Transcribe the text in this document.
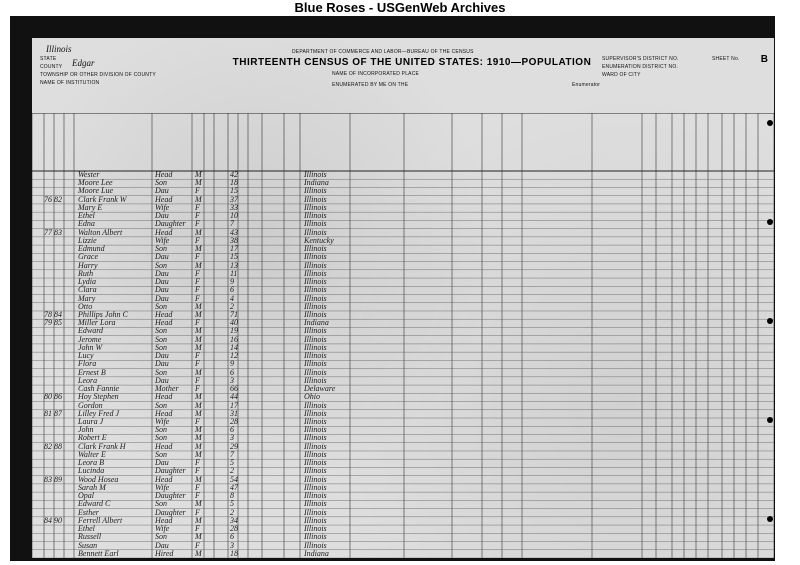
Blue Roses - USGenWeb Archives
Illinois
STATE
COUNTY Edgar
TOWNSHIP OR OTHER DIVISION OF COUNTY
NAME OF INSTITUTION
DEPARTMENT OF COMMERCE AND LABOR—BUREAU OF THE CENSUS
THIRTEENTH CENSUS OF THE UNITED STATES: 1910—POPULATION
NAME OF INCORPORATED PLACE
ENUMERATED BY ME ON THE	Enumerator
SUPERVISOR'S DISTRICT NO.
ENUMERATION DISTRICT NO.
WARD OF CITY
SHEET No. B
Wester	Head	M	42	Illinois
Moore Lee	Son	M	18	Indiana
Moore Lue	Dau	F	15	Illinois
76 82 Clark Frank W	Head	M	37	Illinois
Mary E	Wife	F	33	Illinois
Ethel	Dau	F	10	Illinois
Edna	Daughter F	7	Illinois
77 83 Walton Albert	Head	M	43	Illinois
Lizzie	Wife	F	38	Kentucky
Edmund	Son	M	17	Illinois
Grace	Dau	F	15	Illinois
Harry	Son	M	13	Illinois
Ruth	Dau	F	11	Illinois
Lydia	Dau	F	9	Illinois
Clara	Dau	F	6	Illinois
Mary	Dau	F	4	Illinois
Otto	Son	M	2	Illinois
78 84 Phillips John C	Head	M	71	Illinois
79 85 Miller Lora	Head	F	40	Indiana
Edward	Son	M	19	Illinois
Jerome	Son	M	16	Illinois
John W	Son	M	14	Illinois
Lucy	Dau	F	12	Illinois
Flora	Dau	F	9	Illinois
Ernest B	Son	M	6	Illinois
Leora	Dau	F	3	Illinois
Cash Fannie	Mother F	66	Delaware
80 86 Hoy Stephen	Head	M	44	Ohio
Gordon	Son	M	17	Illinois
81 87 Lilley Fred J	Head	M	31	Illinois
Laura J	Wife	F	28	Illinois
John	Son	M	6	Illinois
Robert E	Son	M	3	Illinois
82 88 Clark Frank H	Head	M	29	Illinois
Walter E	Son	M	7	Illinois
Leora B	Dau	F	5	Illinois
Lucinda	Daughter F	2	Illinois
83 89 Wood Hosea	Head	M	54	Illinois
Sarah M	Wife	F	47	Illinois
Opal	Daughter F	8	Illinois
Edward C	Son	M	5	Illinois
Esther	Daughter F	2	Illinois
84 90 Ferrell Albert	Head	M	34	Illinois
Ethel	Wife	F	28	Illinois
Russell	Son	M	6	Illinois
Susan	Dau	F	3	Illinois
Bennett Earl	Hired	M	18	Indiana
